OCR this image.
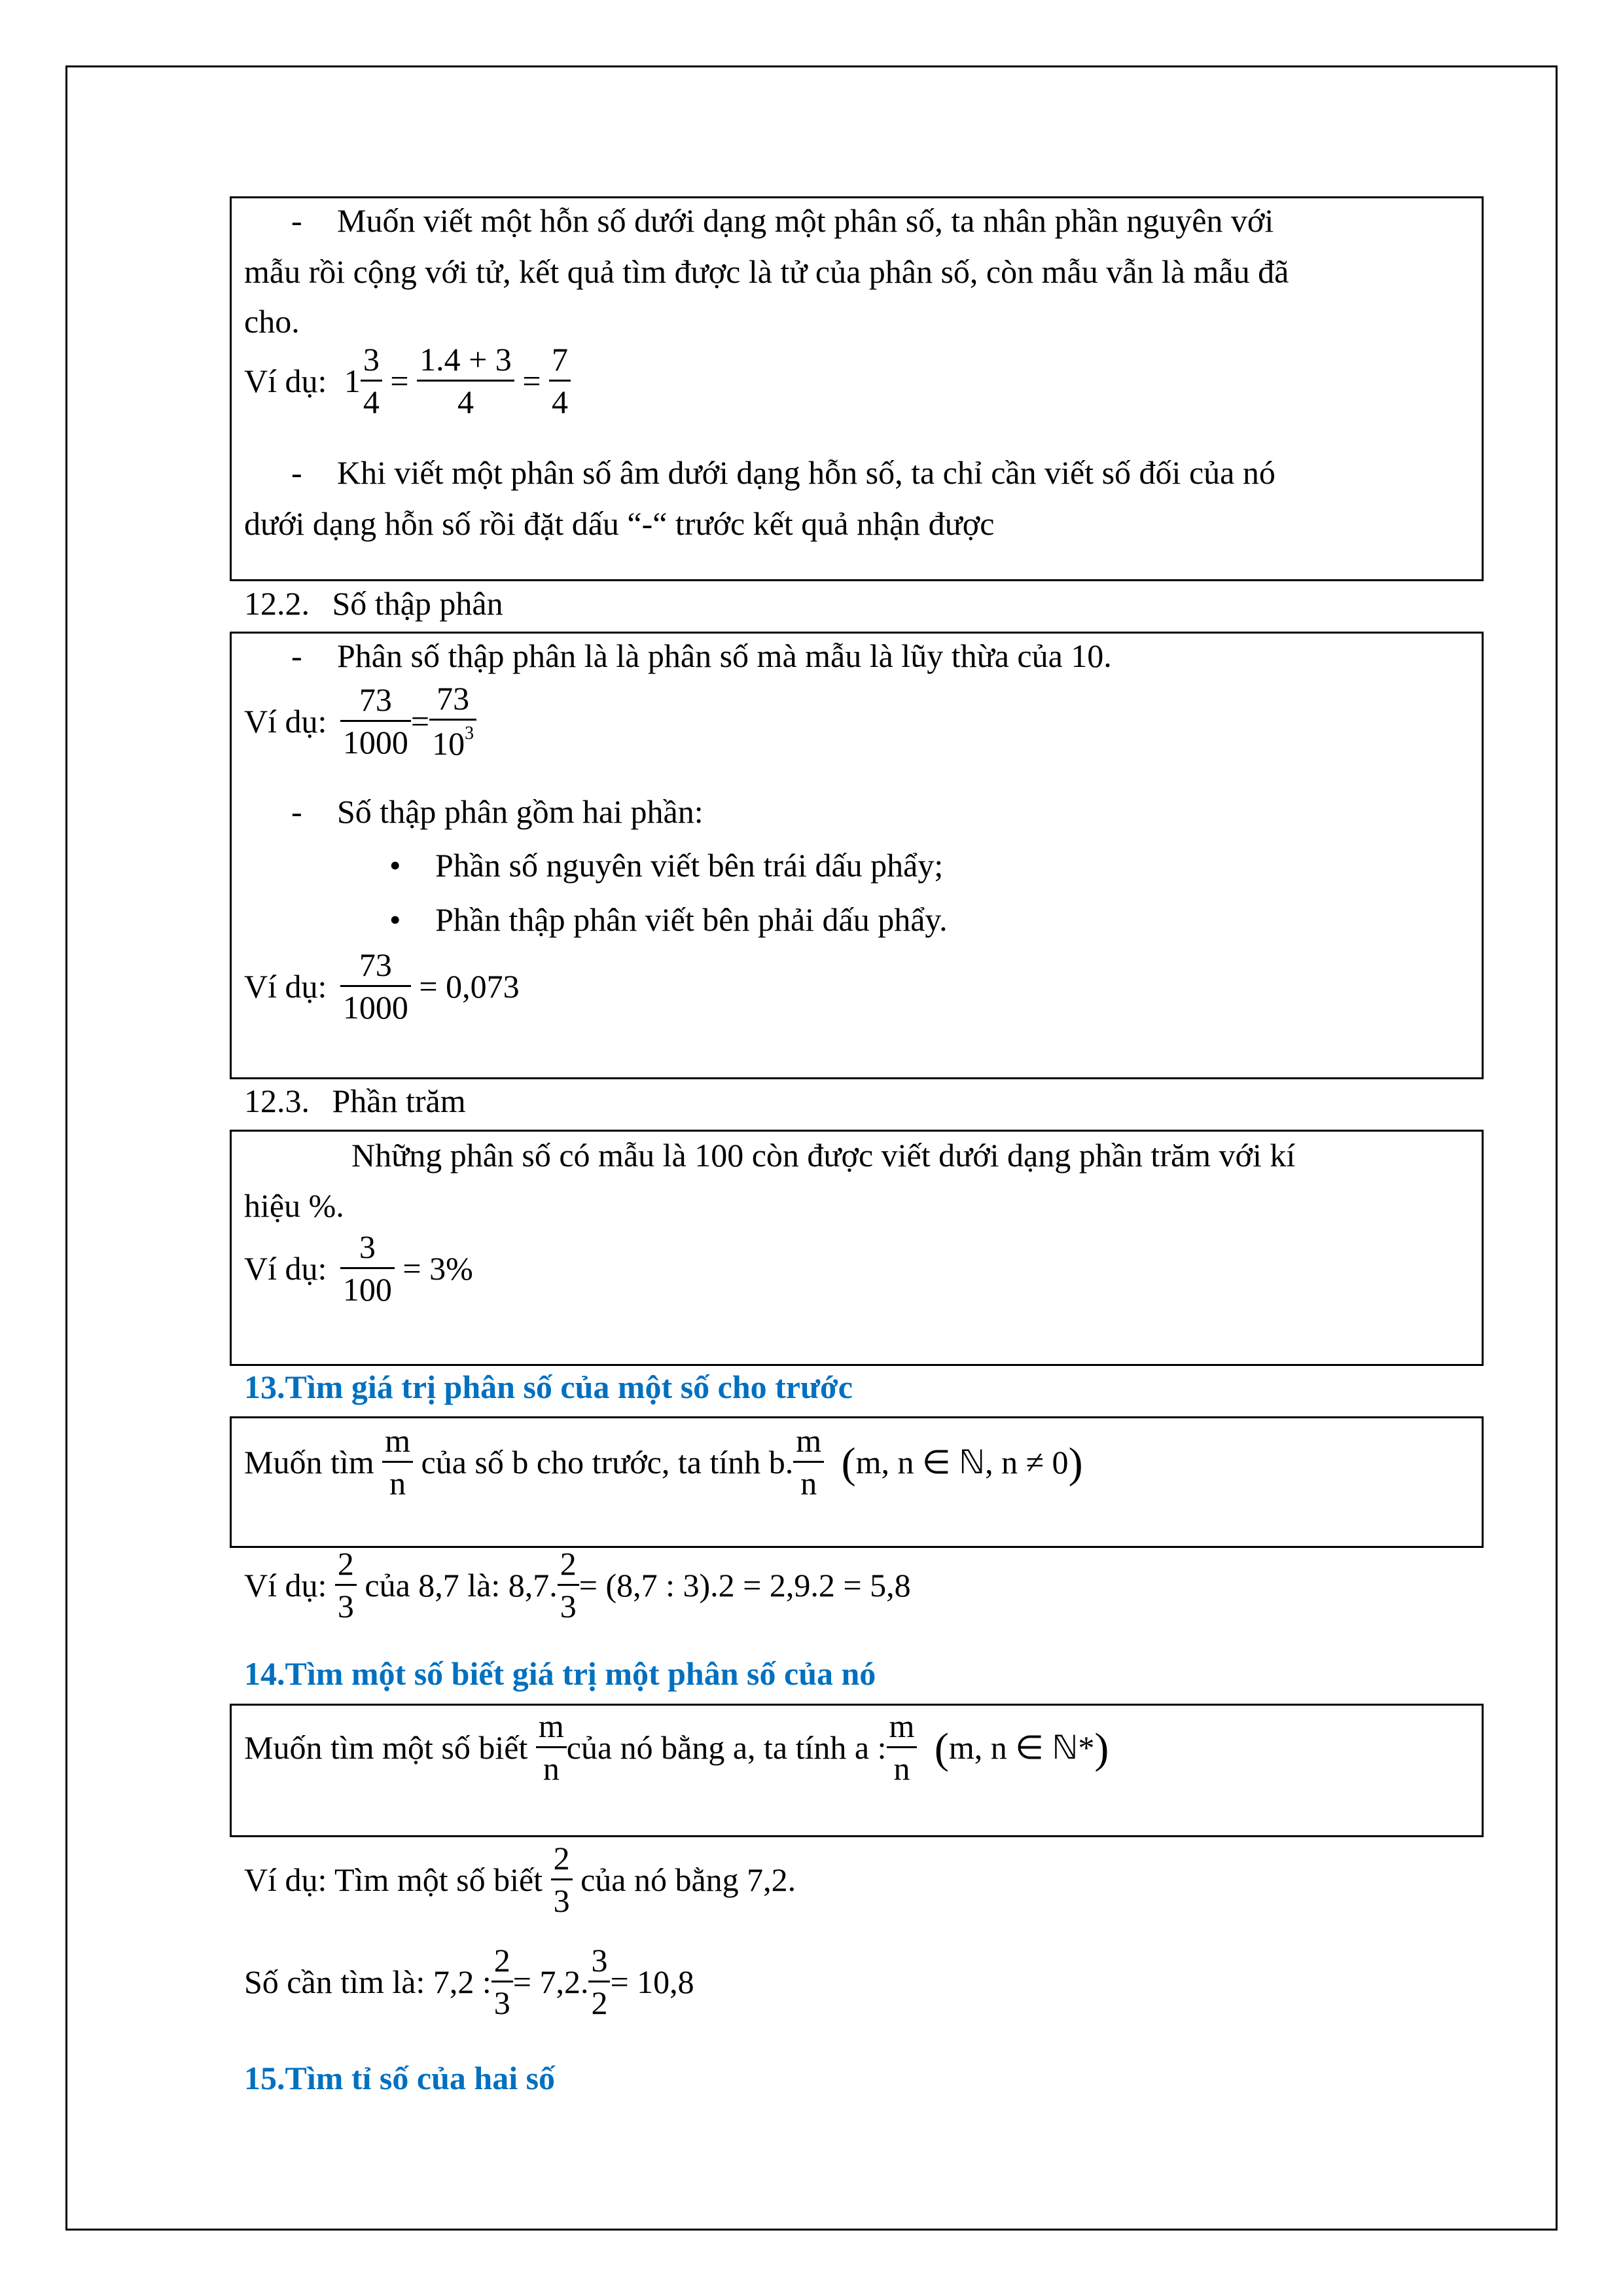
- Muốn viết một hỗn số dưới dạng một phân số, ta nhân phần nguyên với
mẫu rồi cộng với tử, kết quả tìm được là tử của phân số, còn mẫu vẫn là mẫu đã
cho.
Ví dụ: $1 \frac{3}{4} = \frac{1.4 + 3}{4} = \frac{7}{4}$
- Khi viết một phân số âm dưới dạng hỗn số, ta chỉ cần viết số đối của nó
dưới dạng hỗn số rồi đặt dấu “-“ trước kết quả nhận được
12.2. Số thập phân
- Phân số thập phân là là phân số mà mẫu là lũy thừa của 10.
Ví dụ: $\frac{73}{1000} = \frac{73}{10^3}$
- Số thập phân gồm hai phần:
• Phần số nguyên viết bên trái dấu phẩy;
• Phần thập phân viết bên phải dấu phẩy.
Ví dụ: $\frac{73}{1000} = 0,073$
12.3. Phần trăm
Những phân số có mẫu là 100 còn được viết dưới dạng phần trăm với kí
hiệu %.
Ví dụ: $\frac{3}{100} = 3\%$
13.Tìm giá trị phân số của một số cho trước
Muốn tìm $\frac{m}{n}$ của số b cho trước, ta tính b. $\frac{m}{n} (m$, n ∈ ℕ, n ≠ 0)
Ví dụ: $\frac{2}{3}$ của 8,7 là: 8,7. $\frac{2}{3} = (8,7$ : 3).2 = 2,9.2 = 5,8
14.Tìm một số biết giá trị một phân số của nó
Muốn tìm một số biết $\frac{m}{n}$ của nó bằng a, ta tính a : $\frac{m}{n} (m$, n ∈ ℕ*)
Ví dụ: Tìm một số biết $\frac{2}{3}$ của nó bằng 7,2.
Số cần tìm là: 7,2 : $\frac{2}{3} = 7,2$. $\frac{3}{2} = 10,8$
15.Tìm tỉ số của hai số
